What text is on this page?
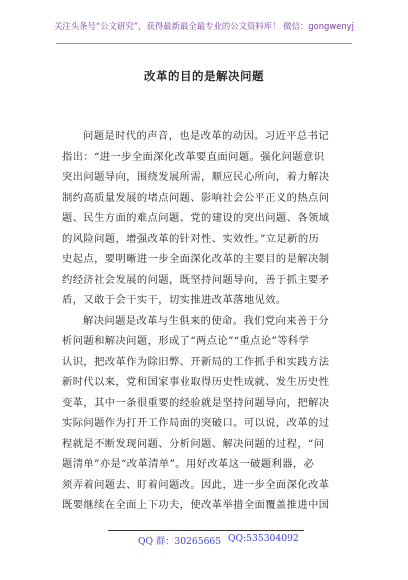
关注头条号“公文研究”，获得最新最全最专业的公文资料库！ 微信：gongwenyj
改革的目的是解决问题
问题是时代的声音，也是改革的动因。习近平总书记
指出：“进一步全面深化改革要直面问题。强化问题意识
突出问题导向，围绕发展所需，顺应民心所向，着力解决
制约高质量发展的堵点问题、影响社会公平正义的热点问
题、民生方面的难点问题、党的建设的突出问题、各领域
的风险问题，增强改革的针对性、实效性。”立足新的历
史起点，要明晰进一步全面深化改革的主要目的是解决制
约经济社会发展的问题，既坚持问题导向，善于抓主要矛
盾，又敢于会干实干，切实推进改革落地见效。
解决问题是改革与生俱来的使命。我们党向来善于分
析问题和解决问题，形成了“两点论”“重点论”等科学
认识，把改革作为除旧弊、开新局的工作抓手和实践方法
新时代以来，党和国家事业取得历史性成就、发生历史性
变革，其中一条很重要的经验就是坚持问题导向，把解决
实际问题作为打开工作局面的突破口。可以说，改革的过
程就是不断发现问题、分析问题、解决问题的过程，“问
题清单”亦是“改革清单”。用好改革这一破题利器，必
须弄着问题去、盯着问题改。因此，进一步全面深化改革
既要继续在全面上下功夫，使改革举措全面覆盖推进中国
QQ 群：30265665 QQ:535304092
